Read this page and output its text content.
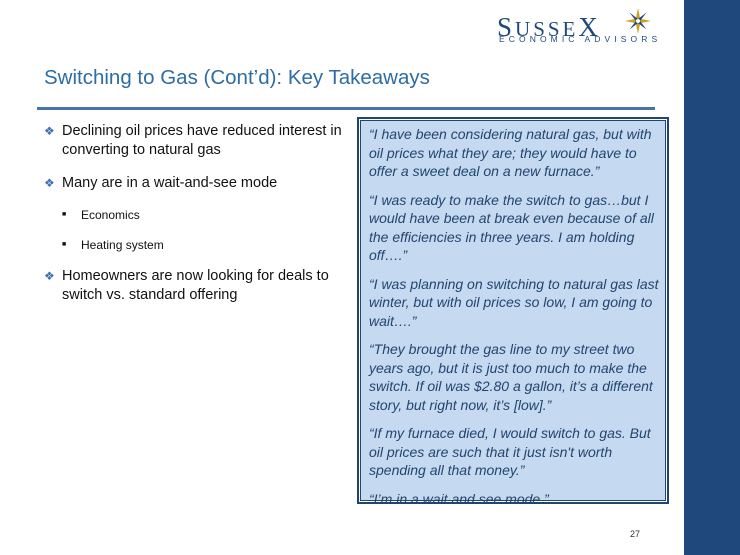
SUSSEX
ECONOMIC ADVISORS
Switching to Gas (Cont’d): Key Takeaways
❖ Declining oil prices have reduced interest in converting to natural gas
❖ Many are in a wait-and-see mode
■	Economics
■	Heating system
❖ Homeowners are now looking for deals to switch vs. standard offering
“I have been considering natural gas, but with oil prices what they are; they would have to offer a sweet deal on a new furnace.”
“I was ready to make the switch to gas…but I would have been at break even because of all the efficiencies in three years. I am holding off….”
“I was planning on switching to natural gas last winter, but with oil prices so low, I am going to wait….”
“They brought the gas line to my street two years ago, but it is just too much to make the switch. If oil was $2.80 a gallon, it’s a different story, but right now, it’s [low].”
“If my furnace died, I would switch to gas. But oil prices are such that it just isn't worth spending all that money.”
“I’m in a wait and see mode.”
27
